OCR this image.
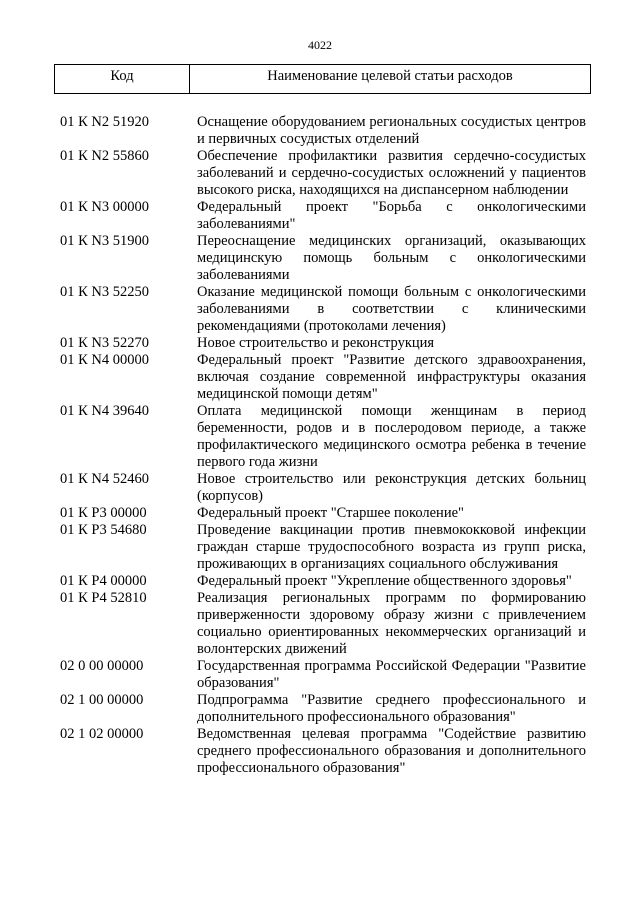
4022
Код	Наименование целевой статьи расходов
01 К N2 51920	Оснащение оборудованием региональных сосудистых центров и первичных сосудистых отделений
01 К N2 55860	Обеспечение профилактики развития сердечно-сосудистых заболеваний и сердечно-сосудистых осложнений у пациентов высокого риска, находящихся на диспансерном наблюдении
01 К N3 00000	Федеральный проект "Борьба с онкологическими заболеваниями"
01 К N3 51900	Переоснащение медицинских организаций, оказывающих медицинскую помощь больным с онкологическими заболеваниями
01 К N3 52250	Оказание медицинской помощи больным с онкологическими заболеваниями в соответствии с клиническими рекомендациями (протоколами лечения)
01 К N3 52270	Новое строительство и реконструкция
01 К N4 00000	Федеральный проект "Развитие детского здравоохранения, включая создание современной инфраструктуры оказания медицинской помощи детям"
01 К N4 39640	Оплата медицинской помощи женщинам в период беременности, родов и в послеродовом периоде, а также профилактического медицинского осмотра ребенка в течение первого года жизни
01 К N4 52460	Новое строительство или реконструкция детских больниц (корпусов)
01 К Р3 00000	Федеральный проект "Старшее поколение"
01 К Р3 54680	Проведение вакцинации против пневмококковой инфекции граждан старше трудоспособного возраста из групп риска, проживающих в организациях социального обслуживания
01 К Р4 00000	Федеральный проект "Укрепление общественного здоровья"
01 К Р4 52810	Реализация региональных программ по формированию приверженности здоровому образу жизни с привлечением социально ориентированных некоммерческих организаций и волонтерских движений
02 0 00 00000	Государственная программа Российской Федерации "Развитие образования"
02 1 00 00000	Подпрограмма "Развитие среднего профессионального и дополнительного профессионального образования"
02 1 02 00000	Ведомственная целевая программа "Содействие развитию среднего профессионального образования и дополнительного профессионального образования"
